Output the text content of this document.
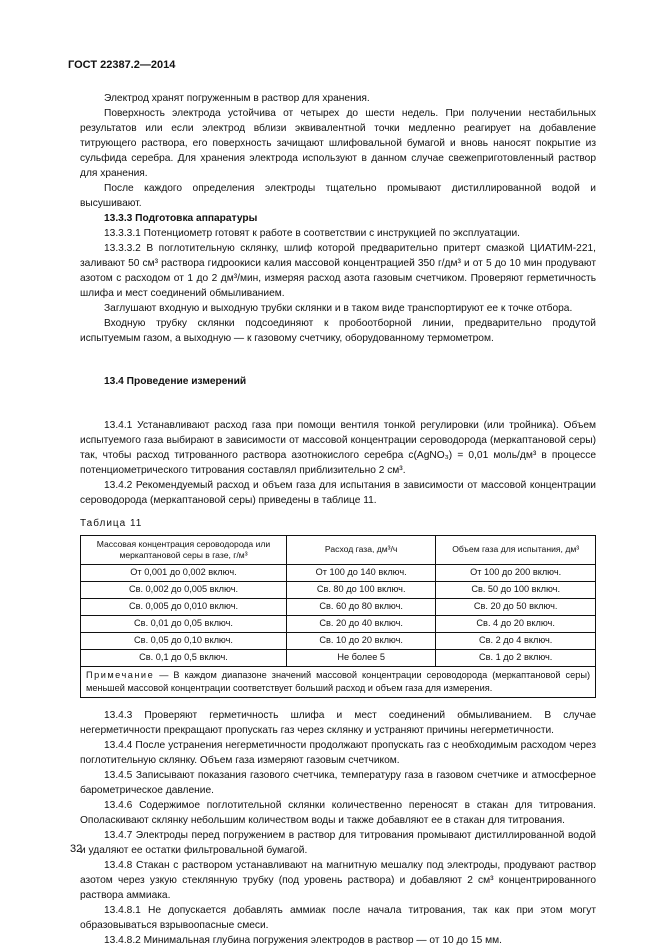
ГОСТ 22387.2—2014

Электрод хранят погруженным в раствор для хранения.

Поверхность электрода устойчива от четырех до шести недель. При получении нестабильных результатов или если электрод вблизи эквивалентной точки медленно реагирует на добавление титрующего раствора, его поверхность зачищают шлифовальной бумагой и вновь наносят покрытие из сульфида серебра. Для хранения электрода используют в данном случае свежеприготовленный раствор для хранения.

После каждого определения электроды тщательно промывают дистиллированной водой и высушивают.

13.3.3 Подготовка аппаратуры

13.3.3.1 Потенциометр готовят к работе в соответствии с инструкцией по эксплуатации.

13.3.3.2 В поглотительную склянку, шлиф которой предварительно притерт смазкой ЦИАТИМ-221, заливают 50 см³ раствора гидроокиси калия массовой концентрацией 350 г/дм³ и от 5 до 10 мин продувают азотом с расходом от 1 до 2 дм³/мин, измеряя расход азота газовым счетчиком. Проверяют герметичность шлифа и мест соединений обмыливанием.

Заглушают входную и выходную трубки склянки и в таком виде транспортируют ее к точке отбора.

Входную трубку склянки подсоединяют к пробоотборной линии, предварительно продутой испытуемым газом, а выходную — к газовому счетчику, оборудованному термометром.

13.4 Проведение измерений

13.4.1 Устанавливают расход газа при помощи вентиля тонкой регулировки (или тройника). Объем испытуемого газа выбирают в зависимости от массовой концентрации сероводорода (меркаптановой серы) так, чтобы расход титрованного раствора азотнокислого серебра с(AgNO₃) = 0,01 моль/дм³ в процессе потенциометрического титрования составлял приблизительно 2 см³.

13.4.2 Рекомендуемый расход и объем газа для испытания в зависимости от массовой концентрации сероводорода (меркаптановой серы) приведены в таблице 11.

Таблица 11
Массовая концентрация сероводорода или меркаптановой серы в газе, г/м³	Расход газа, дм³/ч	Объем газа для испытания, дм³
От 0,001 до 0,002 включ.	От 100 до 140 включ.	От 100 до 200 включ.
Св. 0,002 до 0,005 включ.	Св. 80 до 100 включ.	Св. 50 до 100 включ.
Св. 0,005 до 0,010 включ.	Св. 60 до 80 включ.	Св. 20 до 50 включ.
Св. 0,01 до 0,05 включ.	Св. 20 до 40 включ.	Св. 4 до 20 включ.
Св. 0,05 до 0,10 включ.	Св. 10 до 20 включ.	Св. 2 до 4 включ.
Св. 0,1 до 0,5 включ.	Не более 5	Св. 1 до 2 включ.
Примечание — В каждом диапазоне значений массовой концентрации сероводорода (меркаптановой серы) меньшей массовой концентрации соответствует больший расход и объем газа для измерения.		

13.4.3 Проверяют герметичность шлифа и мест соединений обмыливанием. В случае негерметичности прекращают пропускать газ через склянку и устраняют причины негерметичности.

13.4.4 После устранения негерметичности продолжают пропускать газ с необходимым расходом через поглотительную склянку. Объем газа измеряют газовым счетчиком.

13.4.5 Записывают показания газового счетчика, температуру газа в газовом счетчике и атмосферное барометрическое давление.

13.4.6 Содержимое поглотительной склянки количественно переносят в стакан для титрования. Ополаскивают склянку небольшим количеством воды и также добавляют ее в стакан для титрования.

13.4.7 Электроды перед погружением в раствор для титрования промывают дистиллированной водой и удаляют ее остатки фильтровальной бумагой.

13.4.8 Стакан с раствором устанавливают на магнитную мешалку под электроды, продувают раствор азотом через узкую стеклянную трубку (под уровень раствора) и добавляют 2 см³ концентрированного раствора аммиака.

13.4.8.1 Не допускается добавлять аммиак после начала титрования, так как при этом могут образовываться взрывоопасные смеси.

13.4.8.2 Минимальная глубина погружения электродов в раствор — от 10 до 15 мм.

32
